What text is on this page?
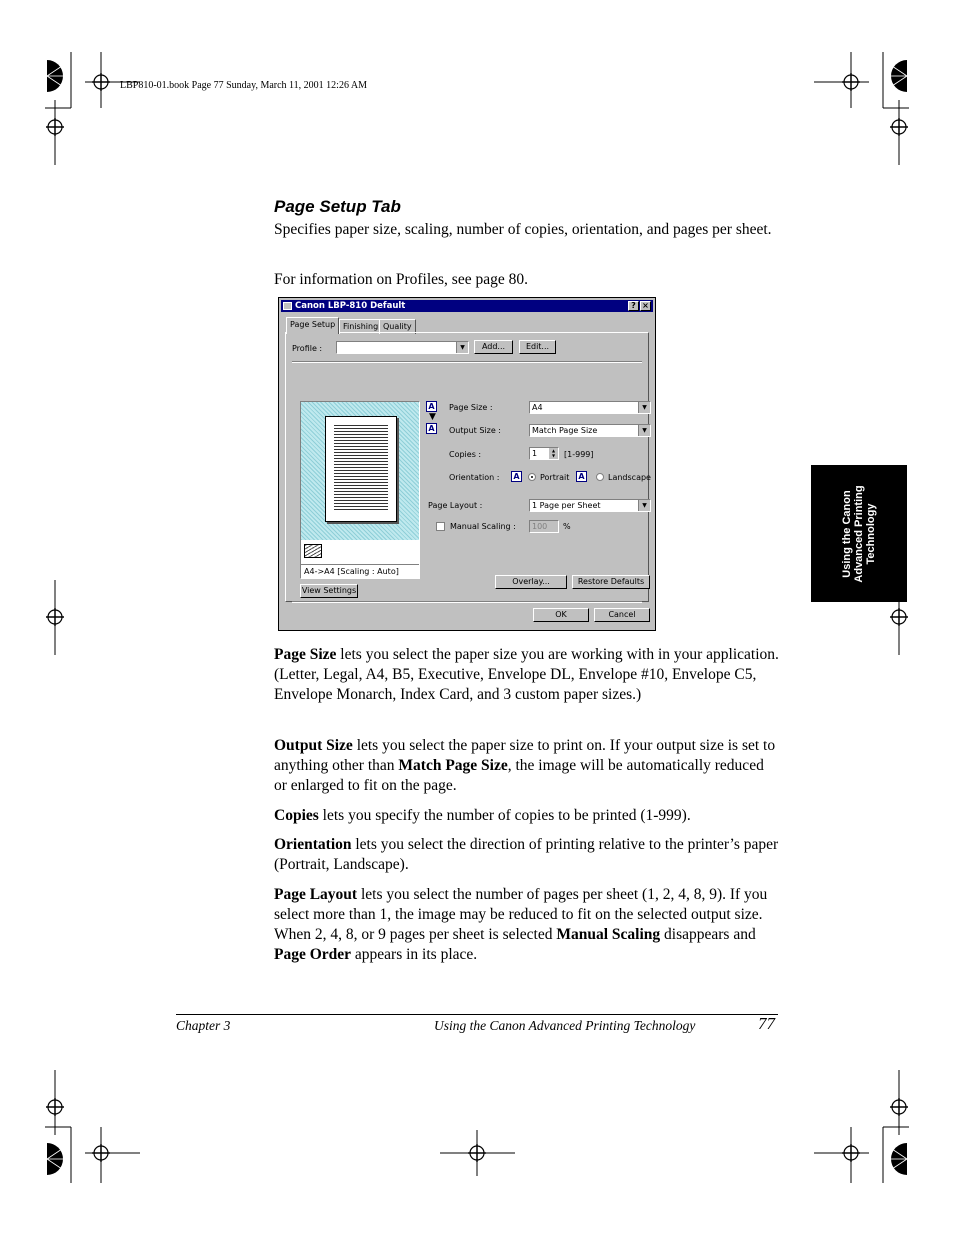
LBP810-01.book Page 77 Sunday, March 11, 2001 12:26 AM
Page Setup Tab
Specifies paper size, scaling, number of copies, orientation, and pages per sheet.
For information on Profiles, see page 80.
Canon LBP-810 Default	? ×
Page Setup Finishing Quality
Profile :	▼	Add...	Edit...
A4->A4 [Scaling : Auto]
View Settings
A
▼
A
Page Size :	A4	▼
Output Size :	Match Page Size	▼
Copies :	1	▲
▼	[1-999]
Orientation : A	Portrait A	Landscape
Page Layout :	1 Page per Sheet	▼
Manual Scaling :	100	%
Overlay...	Restore Defaults
OK	Cancel
Page Size lets you select the paper size you are working with in your application. (Letter, Legal, A4, B5, Executive, Envelope DL, Envelope #10, Envelope C5, Envelope Monarch, Index Card, and 3 custom paper sizes.)
Output Size lets you select the paper size to print on. If your output size is set to anything other than Match Page Size, the image will be automatically reduced or enlarged to fit on the page.
Copies lets you specify the number of copies to be printed (1-999).
Orientation lets you select the direction of printing relative to the printer’s paper (Portrait, Landscape).
Page Layout lets you select the number of pages per sheet (1, 2, 4, 8, 9). If you select more than 1, the image may be reduced to fit on the selected output size. When 2, 4, 8, or 9 pages per sheet is selected Manual Scaling disappears and Page Order appears in its place.
Using the Canon Advanced Printing Technology
Chapter 3	Using the Canon Advanced Printing Technology	77
